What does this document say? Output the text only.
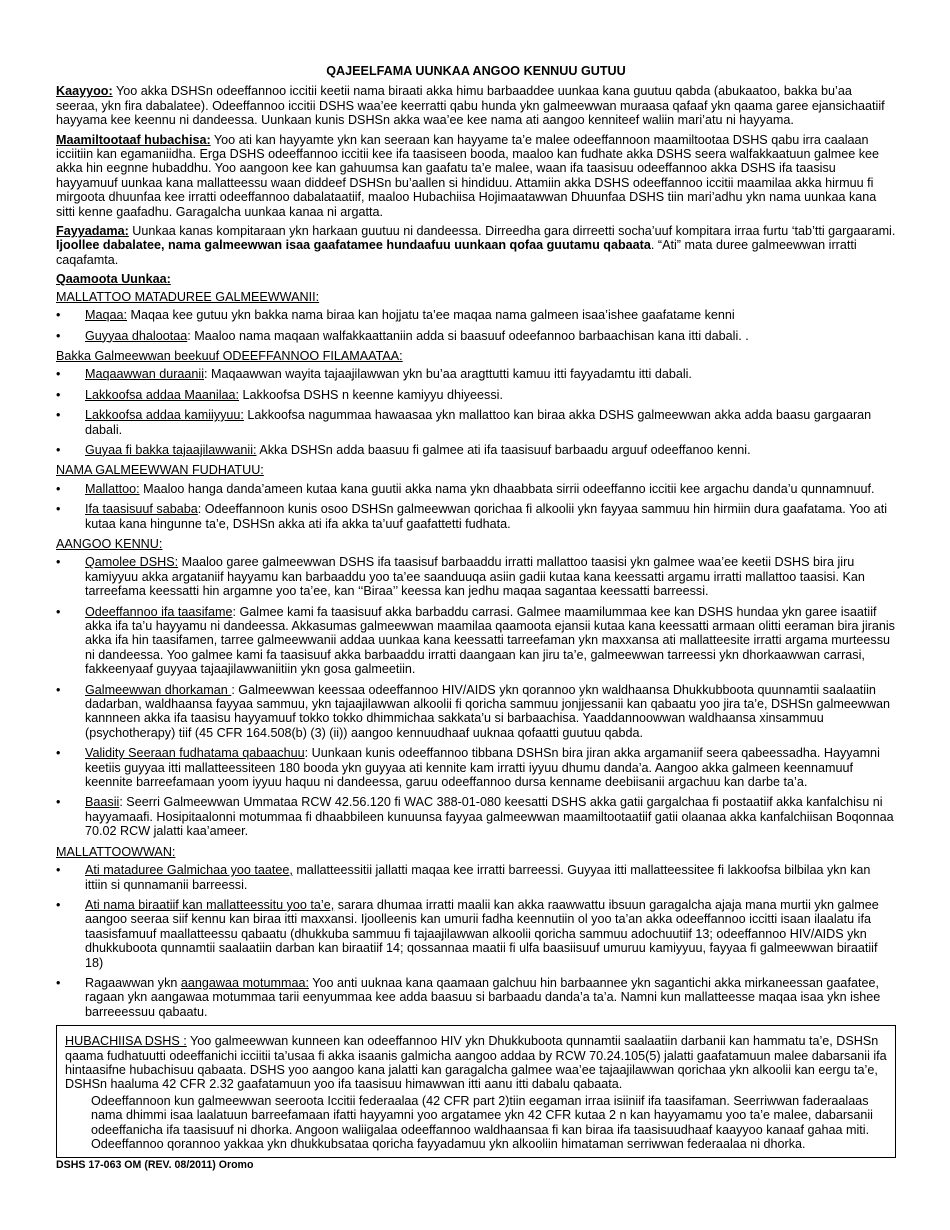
QAJEELFAMA UUNKAA ANGOO KENNUU GUTUU

Kaayyoo: Yoo akka DSHSn odeeffannoo iccitii keetii nama biraati akka himu barbaaddee uunkaa kana guutuu qabda (abukaatoo, bakka bu’aa seeraa, ykn fira dabalatee). Odeeffannoo iccitii DSHS waa’ee keerratti qabu hunda ykn galmeewwan muraasa qafaaf ykn qaama garee ejansichaatiif hayyama kee keennu ni dandeessa. Uunkaan kunis DSHSn akka waa’ee kee nama ati aangoo kenniteef waliin mari’atu ni hayyama.

Maamiltootaaf hubachisa: Yoo ati kan hayyamte ykn kan seeraan kan hayyame ta’e malee odeeffannoon maamiltootaa DSHS qabu irra caalaan icciitiin kan egamaniidha. Erga DSHS odeeffannoo iccitii kee ifa taasiseen booda, maaloo kan fudhate akka DSHS seera walfakkaatuun galmee kee akka hin eegnne hubaddhu. Yoo aangoon kee kan gahuumsa kan gaafatu ta’e malee, waan ifa taasisuu odeeffannoo akka DSHS ifa taasisu hayyamuuf uunkaa kana mallatteessu waan diddeef DSHSn bu’aallen si hindiduu. Attamiin akka DSHS odeeffannoo iccitii maamilaa akka hirmuu fi mirgoota dhuunfaa kee irratti odeeffannoo dabalataatiif, maaloo Hubachiisa Hojimaatawwan Dhuunfaa DSHS tiin mari’adhu ykn nama uunkaa kana sitti kenne gaafadhu. Garagalcha uunkaa kanaa ni argatta.

Fayyadama: Uunkaa kanas kompitaraan ykn harkaan guutuu ni dandeessa. Dirreedha gara dirreetti socha’uuf kompitara irraa furtu ‘tab’tti gargaarami. Ijoollee dabalatee, nama galmeewwan isaa gaafatamee hundaafuu uunkaan qofaa guutamu qabaata. “Ati” mata duree galmeewwan irratti caqafamta.

Qaamoota Uunkaa:

MALLATTOO MATADUREE GALMEEWWANII:

• Maqaa: Maqaa kee gutuu ykn bakka nama biraa kan hojjatu ta’ee maqaa nama galmeen isaa’ishee gaafatame kenni
• Guyyaa dhalootaa: Maaloo nama maqaan walfakkaattaniin adda si baasuuf odeefannoo barbaachisan kana itti dabali. .

Bakka Galmeewwan beekuuf ODEEFFANNOO FILAMAATAA:

• Maqaawwan duraanii: Maqaawwan wayita tajaajilawwan ykn bu’aa aragttutti kamuu itti fayyadamtu itti dabali.
• Lakkoofsa addaa Maanilaa: Lakkoofsa DSHS n keenne kamiyyu dhiyeessi.
• Lakkoofsa addaa kamiiyyuu: Lakkoofsa nagummaa hawaasaa ykn mallattoo kan biraa akka DSHS galmeewwan akka adda baasu gargaaran dabali.
• Guyaa fi bakka tajaajilawwanii: Akka DSHSn adda baasuu fi galmee ati ifa taasisuuf barbaadu arguuf odeeffanoo kenni.

NAMA GALMEEWWAN FUDHATUU:

• Mallattoo: Maaloo hanga danda’ameen kutaa kana guutii akka nama ykn dhaabbata sirrii odeeffanno iccitii kee argachu danda’u qunnamnuuf.
• Ifa taasisuuf sababa: Odeeffannoon kunis osoo DSHSn galmeewwan qorichaa fi alkoolii ykn fayyaa sammuu hin hirmiin dura gaafatama. Yoo ati kutaa kana hingunne ta’e, DSHSn akka ati ifa akka ta’uuf gaafattetti fudhata.

AANGOO KENNU:

• Qamolee DSHS: Maaloo garee galmeewwan DSHS ifa taasisuf barbaaddu irratti mallattoo taasisi ykn galmee waa’ee keetii DSHS bira jiru kamiyyuu akka argataniif hayyamu kan barbaaddu yoo ta’ee saanduuqa asiin gadii kutaa kana keessatti argamu irratti mallattoo taasisi. Kan tarreefama keessatti hin argamne yoo ta’ee, kan ‘‘Biraa’’ keessa kan jedhu maqaa sagantaa keessatti barreessi.
• Odeeffannoo ifa taasifame: Galmee kami fa taasisuuf akka barbaddu carrasi. Galmee maamilummaa kee kan DSHS hundaa ykn garee isaatiif akka ifa ta’u hayyamu ni dandeessa. Akkasumas galmeewwan maamilaa qaamoota ejansii kutaa kana keessatti armaan olitti eeraman bira jiranis akka ifa hin taasifamen, tarree galmeewwanii addaa uunkaa kana keessatti tarreefaman ykn maxxansa ati mallatteesite irratti argama murteessu ni dandeessa. Yoo galmee kami fa taasisuuf akka barbaaddu irratti daangaan kan jiru ta’e, galmeewwan tarreessi ykn dhorkaawwan carrasi, fakkeenyaaf guyyaa tajaajilawwaniitiin ykn gosa galmeetiin.
• Galmeewwan dhorkaman : Galmeewwan keessaa odeeffannoo HIV/AIDS ykn qorannoo ykn waldhaansa Dhukkubboota quunnamtii saalaatiin dadarban, waldhaansa fayyaa sammuu, ykn tajaajilawwan alkoolii fi qoricha sammuu jonjjessanii kan qabaatu yoo jira ta’e, DSHSn galmeewwan kannneen akka ifa taasisu hayyamuuf tokko tokko dhimmichaa sakkata’u si barbaachisa. Yaaddannoowwan waldhaansa xinsammuu (psychotherapy) tiif (45 CFR 164.508(b) (3) (ii)) aangoo kennuudhaaf uuknaa qofaatti guutuu qabda.
• Validity Seeraan fudhatama qabaachuu: Uunkaan kunis odeeffannoo tibbana DSHSn bira jiran akka argamaniif seera qabeessadha. Hayyamni keetiis guyyaa itti mallatteessiteen 180 booda ykn guyyaa ati kennite kam irratti iyyuu dhumu danda’a. Aangoo akka galmeen keennamuuf keennite barreefamaan yoom iyyuu haquu ni dandeessa, garuu odeeffannoo dursa kenname deebiisanii argachuu kan darbe ta’a.
• Baasii: Seerri Galmeewwan Ummataa RCW 42.56.120 fi WAC 388-01-080 keesatti DSHS akka gatii gargalchaa fi postaatiif akka kanfalchisu ni hayyamaafi. Hosipitaalonni motummaa fi dhaabbileen kunuunsa fayyaa galmeewwan maamiltootaatiif gatii olaanaa akka kanfalchiisan Boqonnaa 70.02 RCW jalatti kaa’ameer.

MALLATTOOWWAN:

• Ati mataduree Galmichaa yoo taatee, mallatteessitii jallatti maqaa kee irratti barreessi. Guyyaa itti mallatteessitee fi lakkoofsa bilbilaa ykn kan ittiin si qunnamanii barreessi.
• Ati nama biraatiif kan mallatteessitu yoo ta’e, sarara dhumaa irratti maalii kan akka raawwattu ibsuun garagalcha ajaja mana murtii ykn galmee aangoo seeraa siif kennu kan biraa itti maxxansi. Ijoolleenis kan umurii fadha keennutiin ol yoo ta’an akka odeeffannoo iccitti isaan ilaalatu ifa taasisfamuuf maallatteessu qabaatu (dhukkuba sammuu fi tajaajilawwan alkoolii qoricha sammuu adochuutiif 13; odeeffannoo HIV/AIDS ykn dhukkuboota qunnamtii saalaatiin darban kan biraatiif 14; qossannaa maatii fi ulfa baasiisuuf umuruu kamiyyuu, fayyaa fi galmeewwan biraatiif 18)
• Ragaawwan ykn aangawaa motummaa: Yoo anti uuknaa kana qaamaan galchuu hin barbaannee ykn sagantichi akka mirkaneessan gaafatee, ragaan ykn aangawaa motummaa tarii eenyummaa kee adda baasuu si barbaadu danda’a ta’a. Namni kun mallatteesse maqaa isaa ykn ishee barreeessuu qabaatu.

HUBACHIISA DSHS : Yoo galmeewwan kunneen kan odeeffannoo HIV ykn Dhukkuboota qunnamtii saalaatiin darbanii kan hammatu ta’e, DSHSn qaama fudhatuutti odeeffanichi icciitii ta’usaa fi akka isaanis galmicha aangoo addaa by RCW 70.24.105(5) jalatti gaafatamuun malee dabarsanii ifa hintaasifne hubachisuu qabaata. DSHS yoo aangoo kana jalatti kan garagalcha galmee waa’ee tajaajilawwan qorichaa ykn alkoolii kan eergu ta’e, DSHSn haaluma 42 CFR 2.32 gaafatamuun yoo ifa taasisuu himawwan itti aanu itti dabalu qabaata.

Odeeffannoon kun galmeewwan seeroota Iccitii federaalaa (42 CFR part 2)tiin eegaman irraa isiiniif ifa taasifaman. Seerriwwan faderaalaas nama dhimmi isaa laalatuun barreefamaan ifatti hayyamni yoo argatamee ykn 42 CFR kutaa 2 n kan hayyamamu yoo ta’e malee, dabarsanii odeeffanicha ifa taasisuuf ni dhorka. Angoon waliigalaa odeeffannoo waldhaansaa fi kan biraa ifa taasisuudhaaf kaayyoo kanaaf gahaa miti. Odeeffannoo qorannoo yakkaa ykn dhukkubsataa qoricha fayyadamuu ykn alkooliin himataman serriwwan federaalaa ni dhorka.

DSHS 17-063 OM (REV. 08/2011) Oromo
